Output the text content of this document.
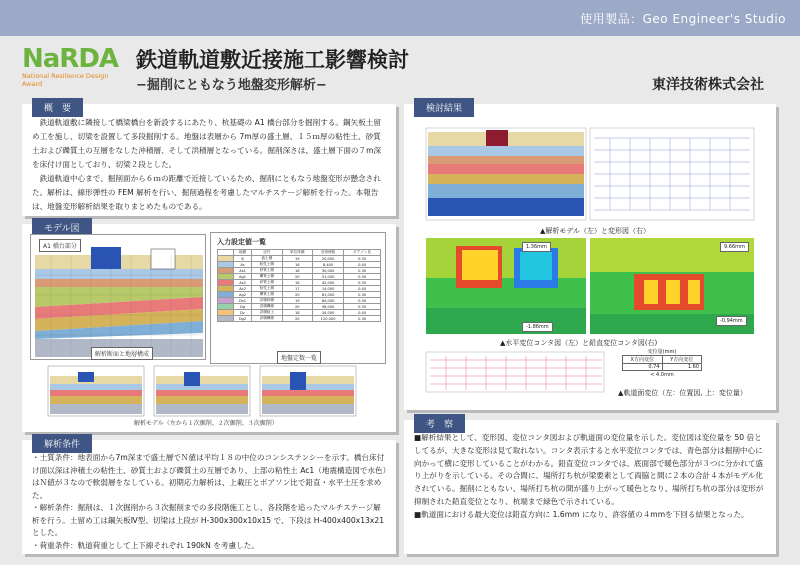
使用製品：Geo Engineer's Studio
NaRDA
National Resilience Design Award
鉄道軌道敷近接施工影響検討
−掘削にともなう地盤変形解析−	東洋技術株式会社
概　要

鉄道軌道敷に隣接して橋梁橋台を新設するにあたり、杭基礎の A1 橋台部分を掘削する。鋼矢板土留め工を施し、切梁を設置して多段掘削する。地盤は表層から 7m厚の盛土層、１５ｍ厚の粘性土、砂質土および礫質土の互層をなした沖積層、そして洪積層となっている。掘削深さは、盛土層下面の７m深を床付け面としており、切梁２段とした。

鉄道軌道中心まで、掘削面から６ｍの距離で近接しているため、掘削にともなう地盤変形が懸念された。解析は、線形弾性の FEM 解析を行い、掘削過程を考慮したマルチステージ解析を行った。本報告は、地盤変形解析結果を取りまとめたものである。

モデル図
A1 橋台部分
解析断面と地層構成
入力設定値一覧
	地層	記号	単位体積	変形係数	ポアソン比
	B	盛土層	19	20,000	0.35
	Ac	粘性土層	16	8,400	0.40
	As1	砂質土層	18	30,000	0.30
	Ag1	礫質土層	20	51,000	0.30
	As2	砂質土層	18	42,000	0.30
	Ac2	粘性土層	17	14,000	0.40
	Ag2	礫質土層	20	61,000	0.30
	Ds1	洪積砂層	19	84,000	0.30
	Dg	洪積礫層	20	98,000	0.30
	Dc	洪積粘土	18	34,000	0.40
	Dg2	洪積礫層	20	120,000	0.30
地盤定数一覧
解析モデル（左から１次掘削、２次掘削、３次掘削）
解析条件
・土質条件：地表面から7m深まで盛土層でＮ値は平均１８の中位のコンシステンシーを示す。橋台床付け面以深は沖積土の粘性土、砂質土および礫質土の互層であり、上部の粘性土 Ac1（地震構造図で水色）はＮ値が３なので軟弱層をなしている。初期応力解析は、上載圧とポアソン比で鉛直・水平土圧を求めた。
・解析条件：掘削は、１次掘削から３次掘削までの多段階施工とし、各段階を追ったマルチステージ解析を行う。土留め工は鋼矢板Ⅳ型、切梁は上段が H-300x300x10x15 で、下段は H-400x400x13x21 とした。
・荷重条件：軌道荷重として上下線それぞれ 190kN を考慮した。
検討結果
▲解析モデル（左）と変形図（右）
1.36mm
-1.86mm
9.66mm
-0.94mm
▲水平変位コンタ図（左）と鉛直変位コンタ図(右)
変位量(mm)
X方向変位	Y方向変位
0.74	1.60
< 4.0mm
▲軌道面変位（左：位置図, 上：変位量）
考　察
■解析結果として、変形図、変位コンタ図および軌道面の変位量を示した。変位図は変位量を 50 倍としてるが、大きな変形は見て取れない。コンタ表示すると水平変位コンタでは、青色部分は掘削中心に向かって横に変形していることがわかる。鉛直変位コンタでは、底面部で暖色部分が３つに分かれて盛り上がりを示している。その合間に、場所打ち杭が梁要素として両脇と間に２本の合計４本がモデル化されている。掘削にともない、場所打ち杭の間が盛り上がって暖色となり、場所打ち杭の部分は変形が抑制された鉛直変位となり、杭端まで緑色で示されている。
■軌道面における最大変位は鉛直方向に 1.6mm になり、許容値の４mmを下回る結果となった。
